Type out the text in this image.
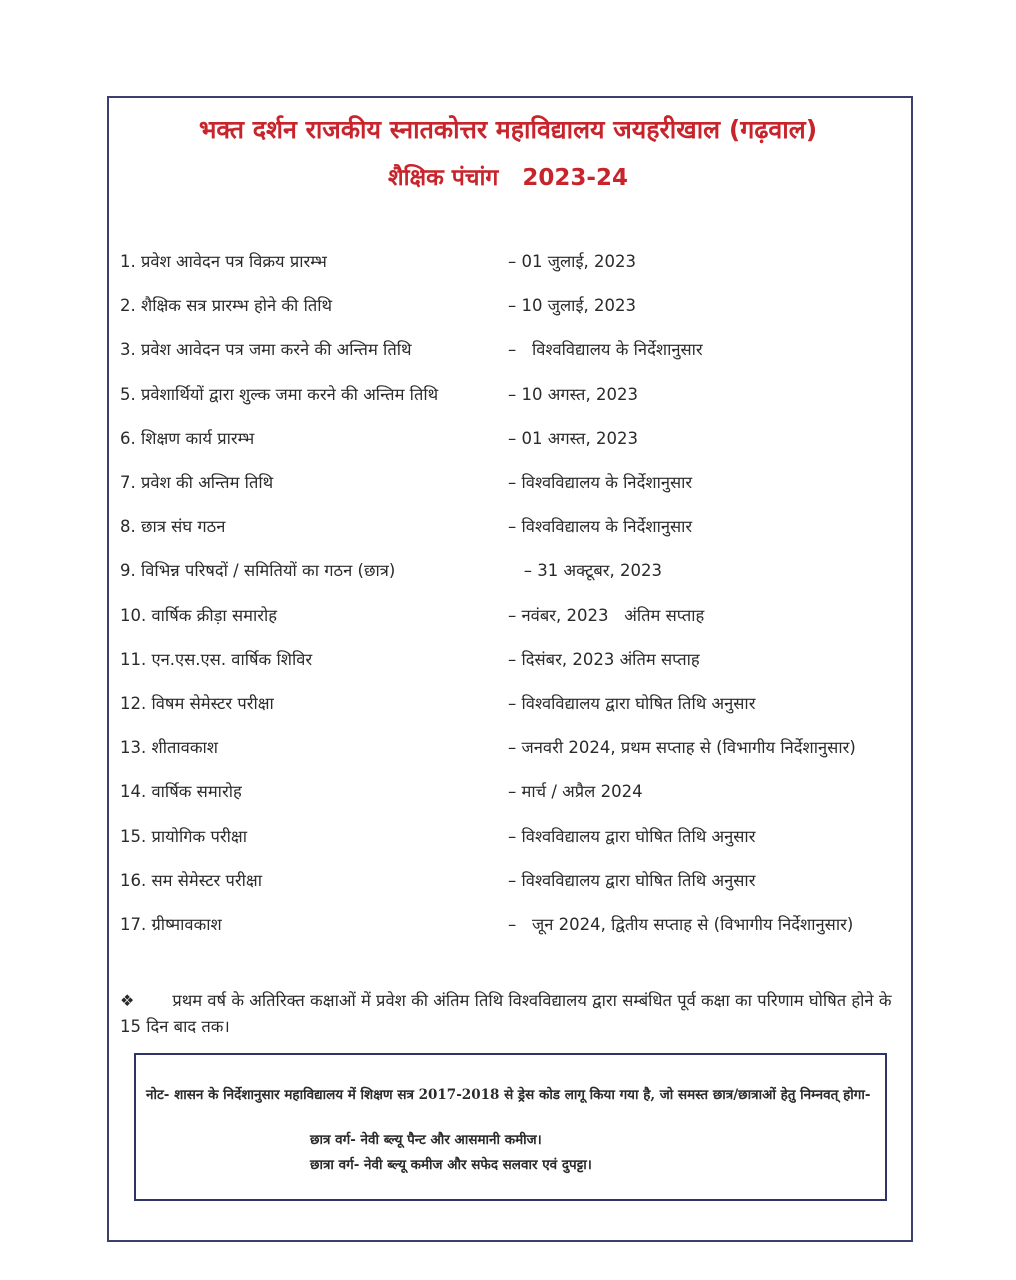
भक्त दर्शन राजकीय स्नातकोत्तर महाविद्यालय जयहरीखाल (गढ़वाल)
शैक्षिक पंचांग   2023-24
1. प्रवेश आवेदन पत्र विक्रय प्रारम्भ	– 01 जुलाई, 2023
2. शैक्षिक सत्र प्रारम्भ होने की तिथि	– 10 जुलाई, 2023
3. प्रवेश आवेदन पत्र जमा करने की अन्तिम तिथि	–   विश्वविद्यालय के निर्देशानुसार
5. प्रवेशार्थियों द्वारा शुल्क जमा करने की अन्तिम तिथि	– 10 अगस्त, 2023
6. शिक्षण कार्य प्रारम्भ	– 01 अगस्त, 2023
7. प्रवेश की अन्तिम तिथि	– विश्वविद्यालय के निर्देशानुसार
8. छात्र संघ गठन	– विश्वविद्यालय के निर्देशानुसार
9. विभिन्न परिषदों / समितियों का गठन (छात्र)	– 31 अक्टूबर, 2023
10. वार्षिक क्रीड़ा समारोह	– नवंबर, 2023   अंतिम सप्ताह
11. एन.एस.एस. वार्षिक शिविर	– दिसंबर, 2023 अंतिम सप्ताह
12. विषम सेमेस्टर परीक्षा	– विश्वविद्यालय द्वारा घोषित तिथि अनुसार
13. शीतावकाश	– जनवरी 2024, प्रथम सप्ताह से (विभागीय निर्देशानुसार)
14. वार्षिक समारोह	– मार्च / अप्रैल 2024
15. प्रायोगिक परीक्षा	– विश्वविद्यालय द्वारा घोषित तिथि अनुसार
16. सम सेमेस्टर परीक्षा	– विश्वविद्यालय द्वारा घोषित तिथि अनुसार
17. ग्रीष्मावकाश	–   जून 2024, द्वितीय सप्ताह से (विभागीय निर्देशानुसार)
❖ प्रथम वर्ष के अतिरिक्त कक्षाओं में प्रवेश की अंतिम तिथि विश्वविद्यालय द्वारा सम्बंधित पूर्व कक्षा का परिणाम घोषित होने के 15 दिन बाद तक।
नोट- शासन के निर्देशानुसार महाविद्यालय में शिक्षण सत्र 2017-2018 से ड्रेस कोड लागू किया गया है, जो समस्त छात्र/छात्राओं हेतु निम्नवत् होगा-
छात्र वर्ग- नेवी ब्ल्यू पैन्ट और आसमानी कमीज।
छात्रा वर्ग- नेवी ब्ल्यू कमीज और सफेद सलवार एवं दुपट्टा।
